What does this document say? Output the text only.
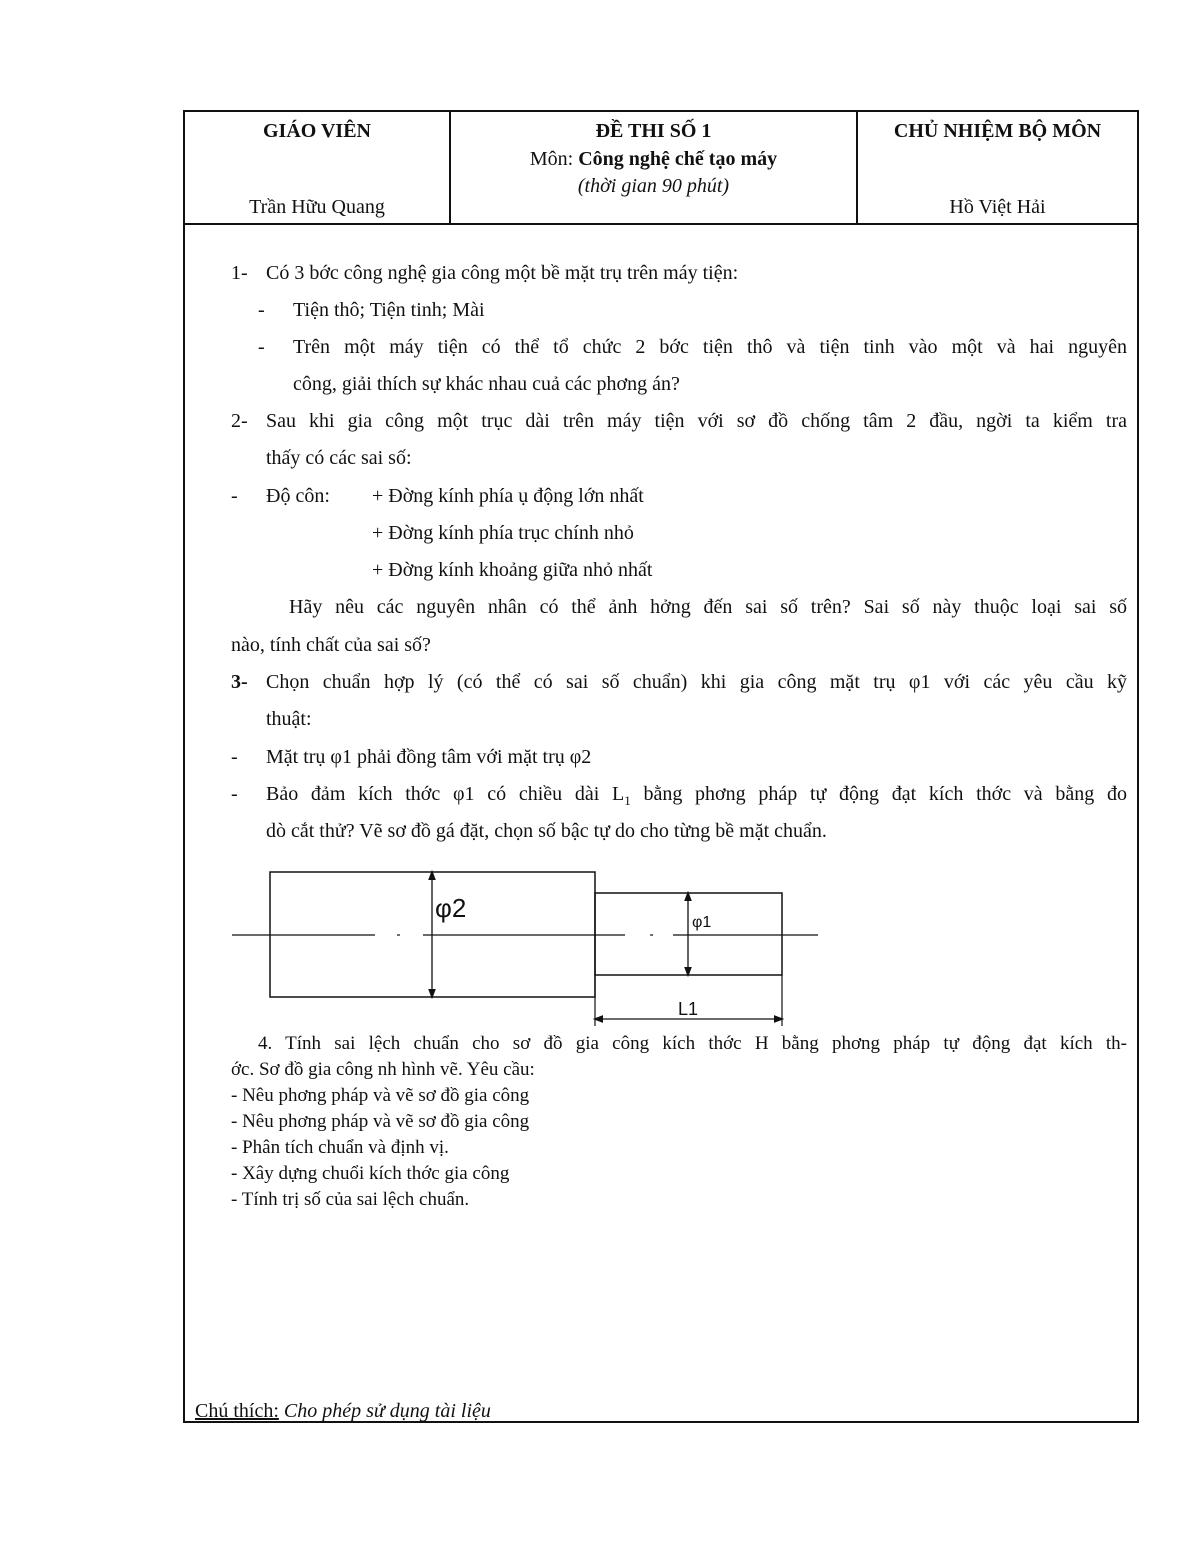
GIÁO VIÊN
Trần Hữu Quang
ĐỀ THI SỐ 1
Môn: Công nghệ chế tạo máy
(thời gian 90 phút)
CHỦ NHIỆM BỘ MÔN
Hồ Việt Hải
1- Có 3 bớc công nghệ gia công một bề mặt trụ trên máy tiện:
- Tiện thô; Tiện tinh; Mài
- Trên một máy tiện có thể tổ chức 2 bớc tiện thô và tiện tinh vào một và hai nguyên
công, giải thích sự khác nhau cuả các phơng án?
2- Sau khi gia công một trục dài trên máy tiện với sơ đồ chống tâm 2 đầu, ngời ta kiểm tra
thấy có các sai số:
- Độ côn: + Đờng kính phía ụ động lớn nhất
+ Đờng kính phía trục chính nhỏ
+ Đờng kính khoảng giữa nhỏ nhất
Hãy nêu các nguyên nhân có thể ảnh hởng đến sai số trên? Sai số này thuộc loại sai số
nào, tính chất của sai số?
3- Chọn chuẩn hợp lý (có thể có sai số chuẩn) khi gia công mặt trụ φ1 với các yêu cầu kỹ
thuật:
- Mặt trụ φ1 phải đồng tâm với mặt trụ φ2
- Bảo đảm kích thớc φ1 có chiều dài $L_1$ bằng phơng pháp tự động đạt kích thớc và bằng đo
dò cắt thử? Vẽ sơ đồ gá đặt, chọn số bậc tự do cho từng bề mặt chuẩn.
φ2	φ1
L1
4. Tính sai lệch chuẩn cho sơ đồ gia công kích thớc H bằng phơng pháp tự động đạt kích th-
ớc. Sơ đồ gia công nh hình vẽ. Yêu cầu:
- Nêu phơng pháp và vẽ sơ đồ gia công
- Nêu phơng pháp và vẽ sơ đồ gia công
- Phân tích chuẩn và định vị.
- Xây dựng chuổi kích thớc gia công
- Tính trị số của sai lệch chuẩn.
Chú thích: Cho phép sử dụng tài liệu
